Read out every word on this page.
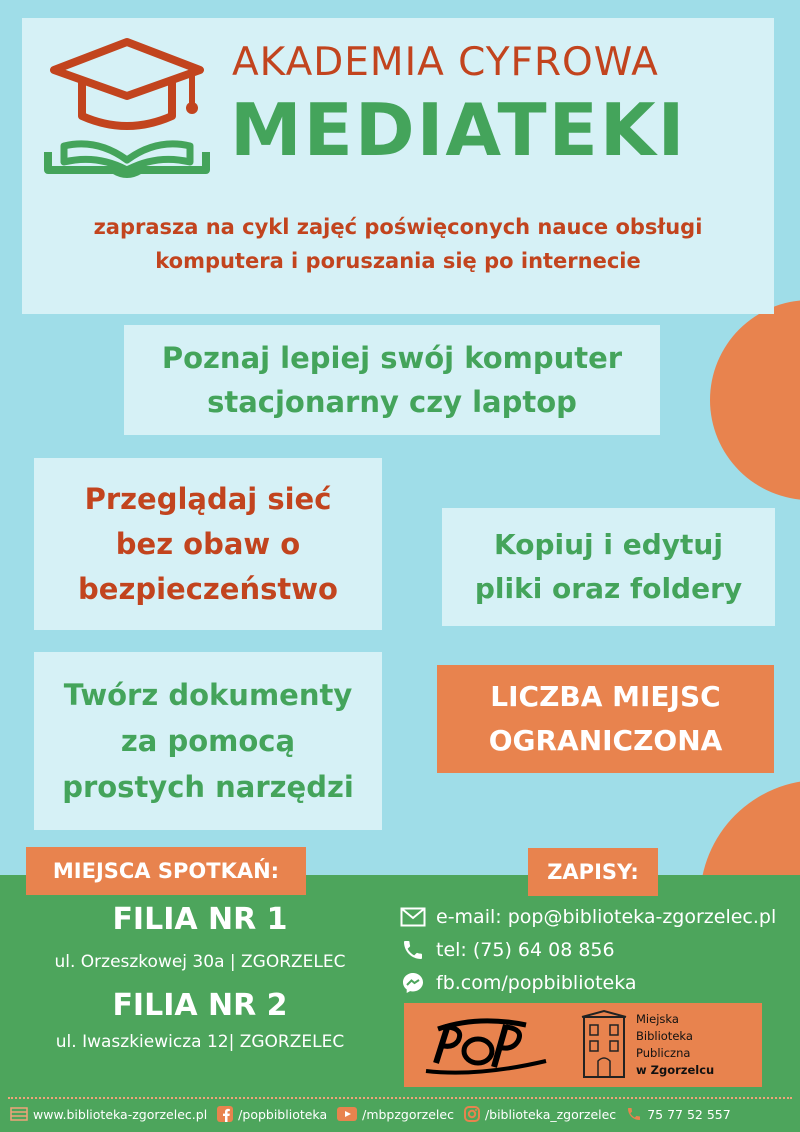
AKADEMIA CYFROWA
MEDIATEKI
zaprasza na cykl zajęć poświęconych nauce obsługi
komputera i poruszania się po internecie
Poznaj lepiej swój komputer
stacjonarny czy laptop
Przeglądaj sieć
bez obaw o
bezpieczeństwo
Kopiuj i edytuj
pliki oraz foldery
Twórz dokumenty
za pomocą
prostych narzędzi
LICZBA MIEJSC
OGRANICZONA
MIEJSCA SPOTKAŃ:
FILIA NR 1
ul. Orzeszkowej 30a | ZGORZELEC
FILIA NR 2
ul. Iwaszkiewicza 12| ZGORZELEC
ZAPISY:
e-mail: pop@biblioteka-zgorzelec.pl
tel: (75) 64 08 856
fb.com/popbiblioteka
Miejska
Biblioteka
Publiczna
w Zgorzelcu
www.biblioteka-zgorzelec.pl /popbiblioteka	/mbpzgorzelec /biblioteka_zgorzelec 75 77 52 557
